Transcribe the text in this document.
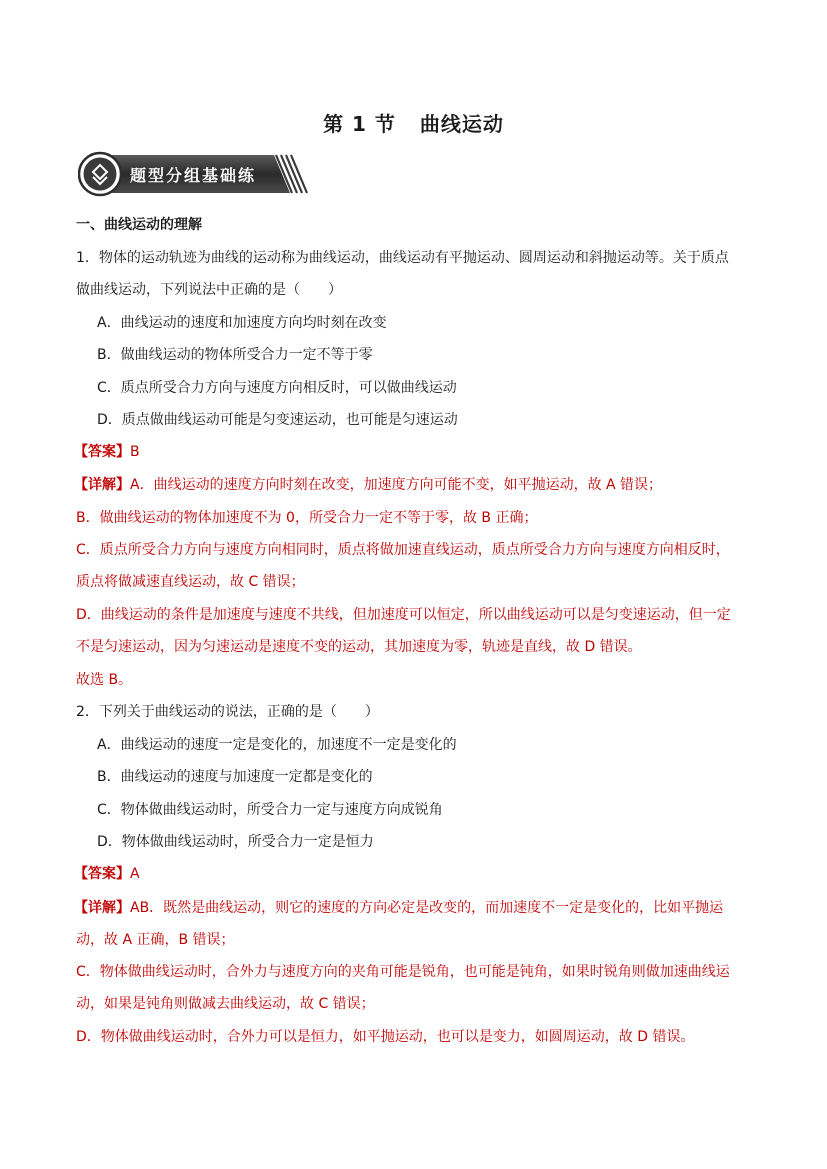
第 1 节 曲线运动
题型分组基础练
一、曲线运动的理解
1．物体的运动轨迹为曲线的运动称为曲线运动，曲线运动有平抛运动、圆周运动和斜抛运动等。关于质点
做曲线运动，下列说法中正确的是（　　）
A．曲线运动的速度和加速度方向均时刻在改变
B．做曲线运动的物体所受合力一定不等于零
C．质点所受合力方向与速度方向相反时，可以做曲线运动
D．质点做曲线运动可能是匀变速运动，也可能是匀速运动
【答案】B
【详解】A．曲线运动的速度方向时刻在改变，加速度方向可能不变，如平抛运动，故 A 错误；
B．做曲线运动的物体加速度不为 0，所受合力一定不等于零，故 B 正确；
C．质点所受合力方向与速度方向相同时，质点将做加速直线运动，质点所受合力方向与速度方向相反时，
质点将做减速直线运动，故 C 错误；
D．曲线运动的条件是加速度与速度不共线，但加速度可以恒定，所以曲线运动可以是匀变速运动，但一定
不是匀速运动，因为匀速运动是速度不变的运动，其加速度为零，轨迹是直线，故 D 错误。
故选 B。
2．下列关于曲线运动的说法，正确的是（　　）
A．曲线运动的速度一定是变化的，加速度不一定是变化的
B．曲线运动的速度与加速度一定都是变化的
C．物体做曲线运动时，所受合力一定与速度方向成锐角
D．物体做曲线运动时，所受合力一定是恒力
【答案】A
【详解】AB．既然是曲线运动，则它的速度的方向必定是改变的，而加速度不一定是变化的，比如平抛运
动，故 A 正确，B 错误；
C．物体做曲线运动时，合外力与速度方向的夹角可能是锐角，也可能是钝角，如果时锐角则做加速曲线运
动，如果是钝角则做减去曲线运动，故 C 错误；
D．物体做曲线运动时，合外力可以是恒力，如平抛运动，也可以是变力，如圆周运动，故 D 错误。
